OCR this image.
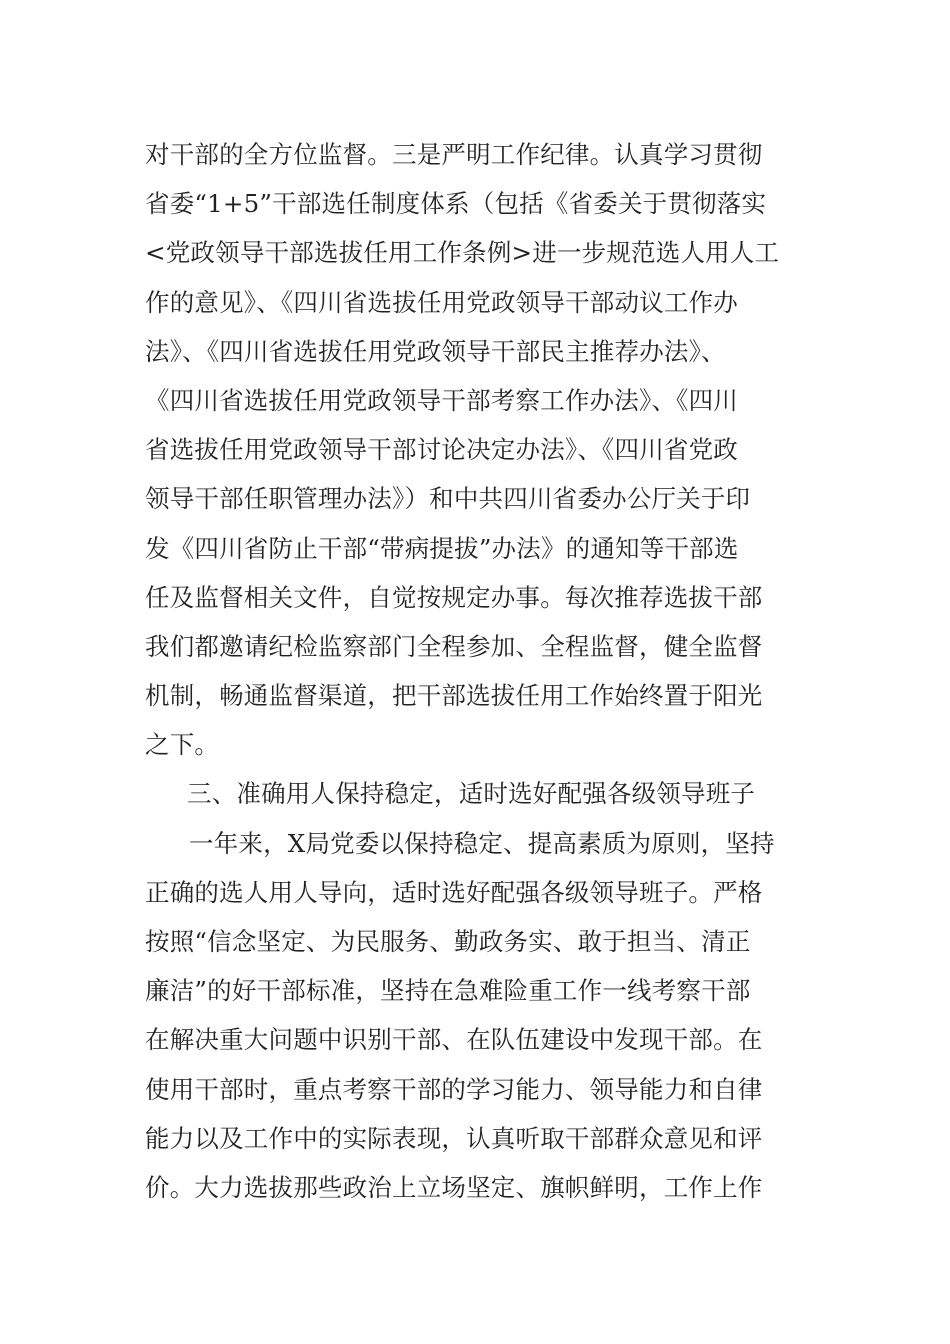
对干部的全方位监督。三是严明工作纪律。认真学习贯彻
省委“1+5”干部选任制度体系（包括《省委关于贯彻落实
<党政领导干部选拔任用工作条例>进一步规范选人用人工
作的意见》、《四川省选拔任用党政领导干部动议工作办
法》、《四川省选拔任用党政领导干部民主推荐办法》、
《四川省选拔任用党政领导干部考察工作办法》、《四川
省选拔任用党政领导干部讨论决定办法》、《四川省党政
领导干部任职管理办法》）和中共四川省委办公厅关于印
发《四川省防止干部“带病提拔”办法》的通知等干部选
任及监督相关文件，自觉按规定办事。每次推荐选拔干部
我们都邀请纪检监察部门全程参加、全程监督，健全监督
机制，畅通监督渠道，把干部选拔任用工作始终置于阳光
之下。
三、准确用人保持稳定，适时选好配强各级领导班子
一年来，X局党委以保持稳定、提高素质为原则，坚持
正确的选人用人导向，适时选好配强各级领导班子。严格
按照“信念坚定、为民服务、勤政务实、敢于担当、清正
廉洁”的好干部标准，坚持在急难险重工作一线考察干部
在解决重大问题中识别干部、在队伍建设中发现干部。在
使用干部时，重点考察干部的学习能力、领导能力和自律
能力以及工作中的实际表现，认真听取干部群众意见和评
价。大力选拔那些政治上立场坚定、旗帜鲜明，工作上作
